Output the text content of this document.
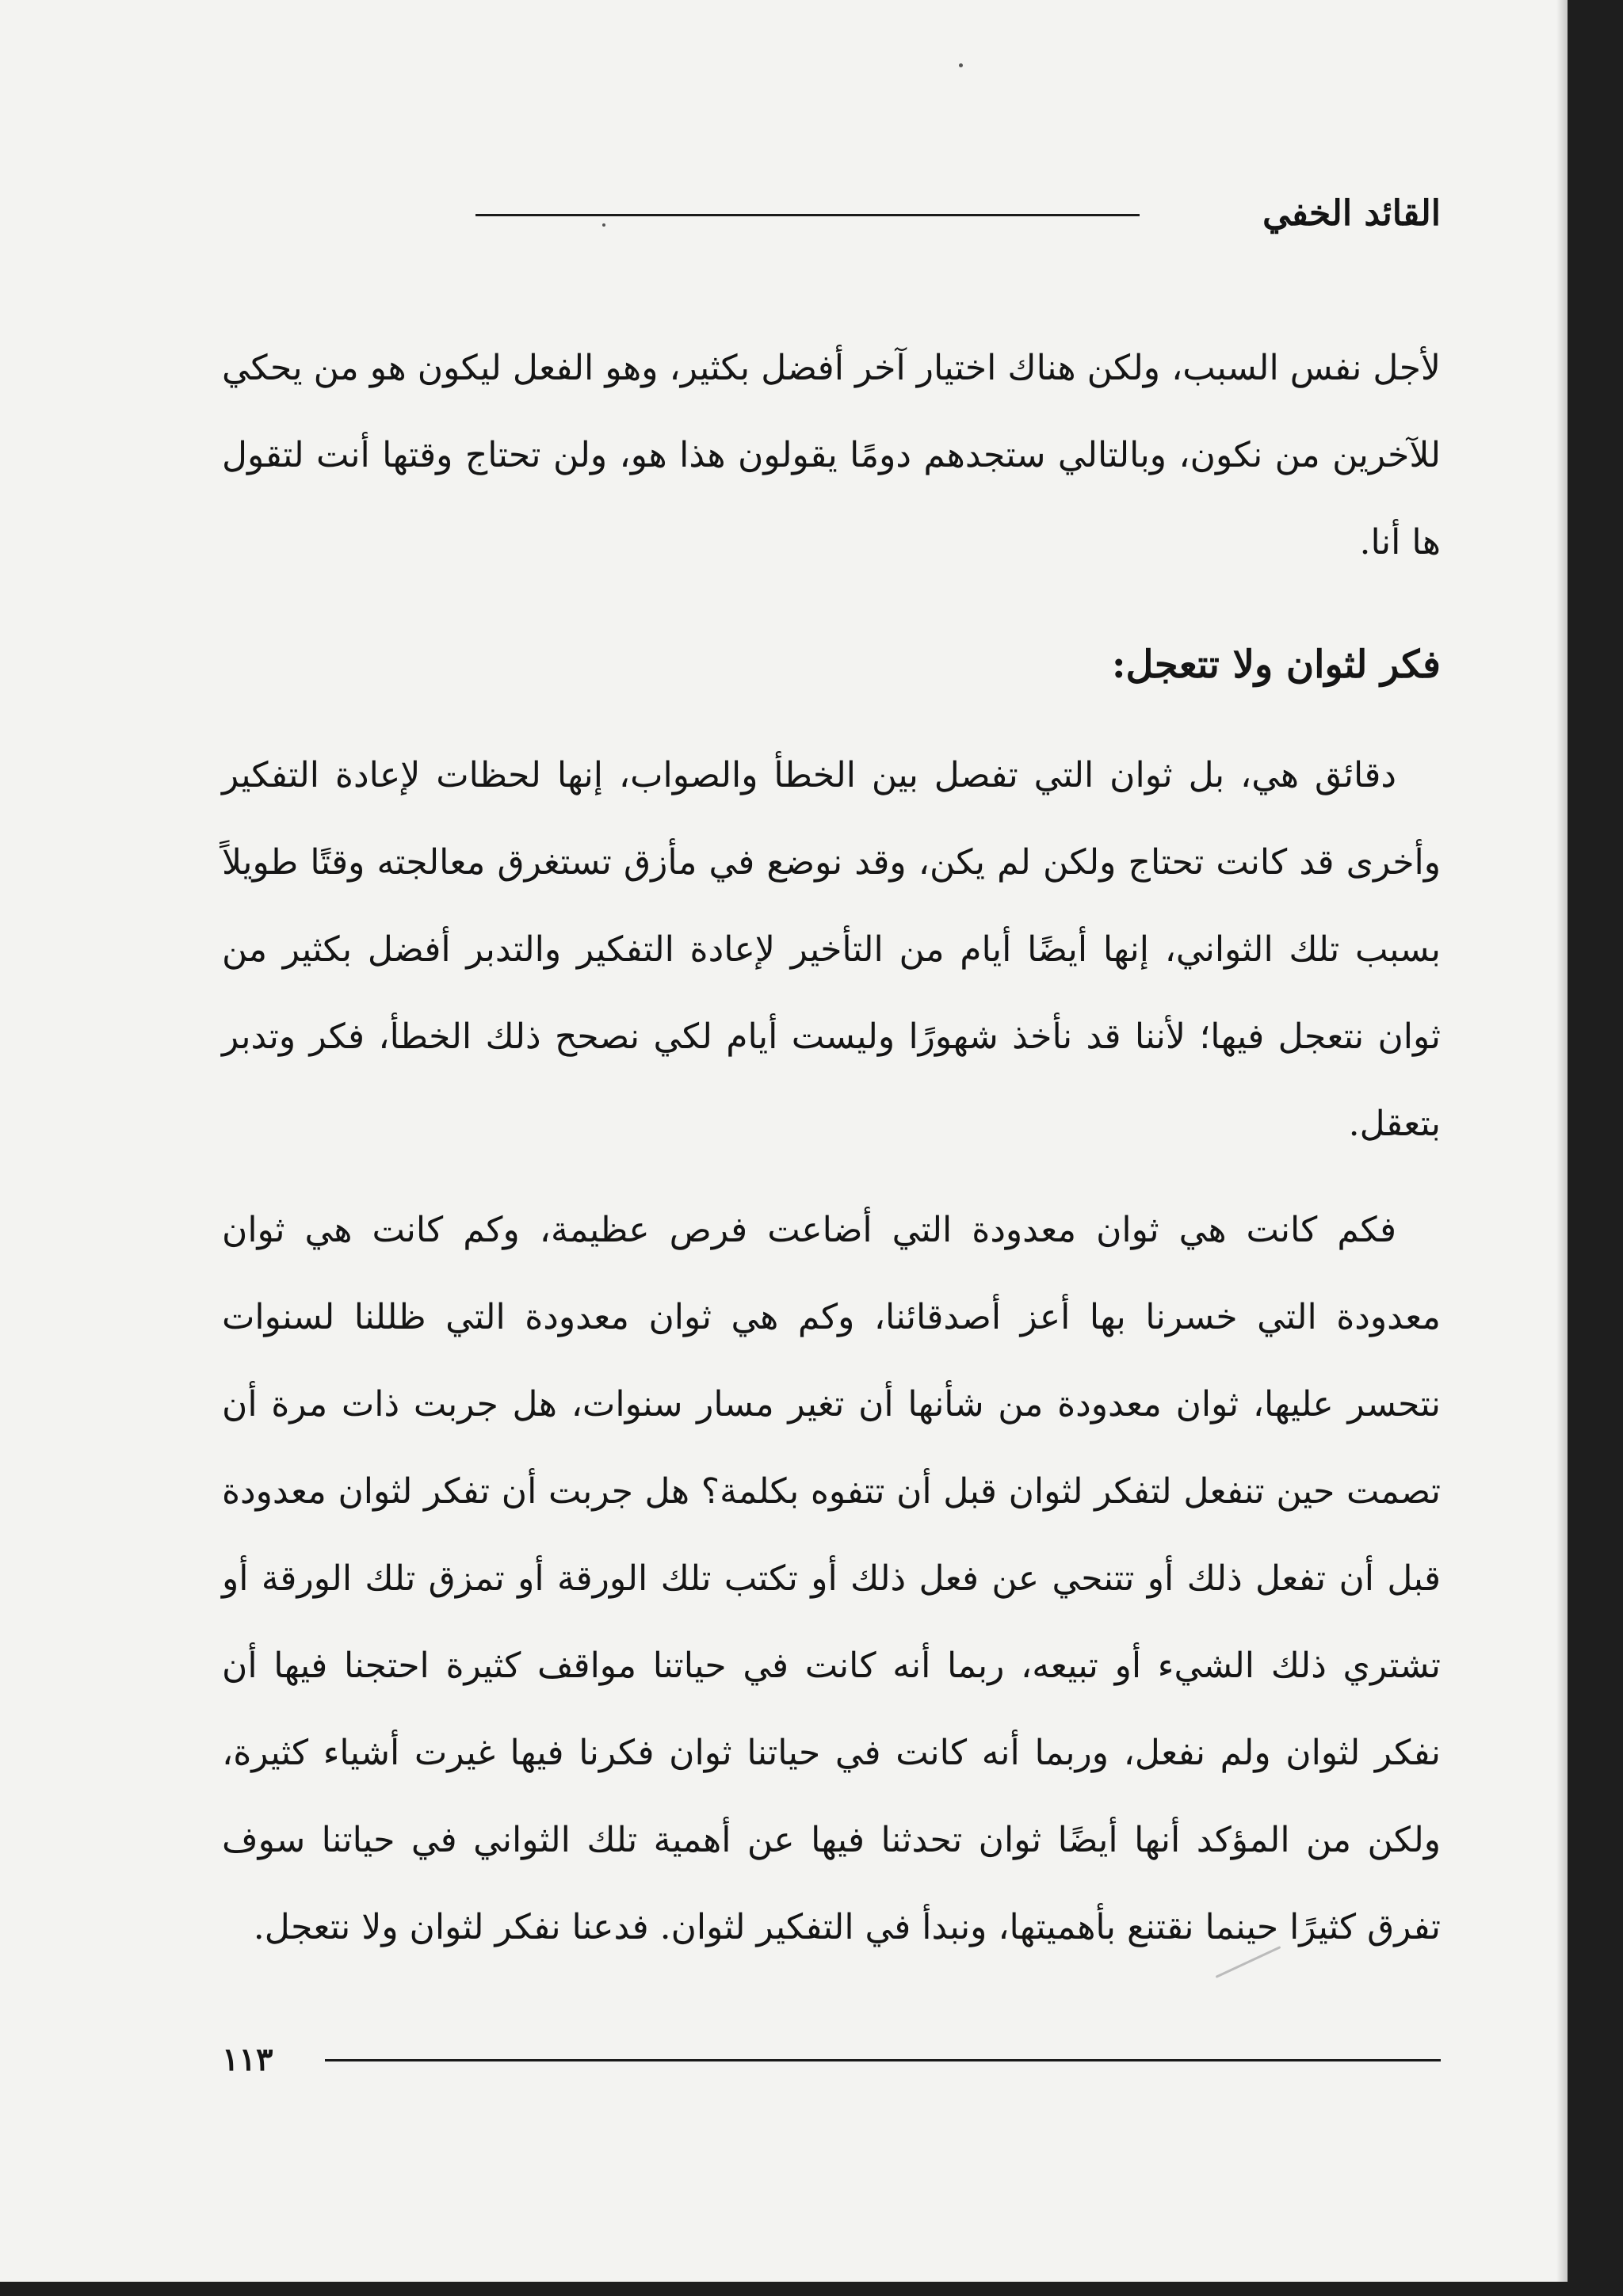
القائد الخفي

لأجل نفس السبب، ولكن هناك اختيار آخر أفضل بكثير، وهو الفعل ليكون هو من يحكي للآخرين من نكون، وبالتالي ستجدهم دومًا يقولون هذا هو، ولن تحتاج وقتها أنت لتقول ها أنا.

فكر لثوان ولا تتعجل:

دقائق هي، بل ثوان التي تفصل بين الخطأ والصواب، إنها لحظات لإعادة التفكير وأخرى قد كانت تحتاج ولكن لم يكن، وقد نوضع في مأزق تستغرق معالجته وقتًا طويلاً بسبب تلك الثواني، إنها أيضًا أيام من التأخير لإعادة التفكير والتدبر أفضل بكثير من ثوان نتعجل فيها؛ لأننا قد نأخذ شهورًا وليست أيام لكي نصحح ذلك الخطأ، فكر وتدبر بتعقل.

فكم كانت هي ثوان معدودة التي أضاعت فرص عظيمة، وكم كانت هي ثوان معدودة التي خسرنا بها أعز أصدقائنا، وكم هي ثوان معدودة التي ظللنا لسنوات نتحسر عليها، ثوان معدودة من شأنها أن تغير مسار سنوات، هل جربت ذات مرة أن تصمت حين تنفعل لتفكر لثوان قبل أن تتفوه بكلمة؟ هل جربت أن تفكر لثوان معدودة قبل أن تفعل ذلك أو تتنحي عن فعل ذلك أو تكتب تلك الورقة أو تمزق تلك الورقة أو تشتري ذلك الشيء أو تبيعه، ربما أنه كانت في حياتنا مواقف كثيرة احتجنا فيها أن نفكر لثوان ولم نفعل، وربما أنه كانت في حياتنا ثوان فكرنا فيها غيرت أشياء كثيرة، ولكن من المؤكد أنها أيضًا ثوان تحدثنا فيها عن أهمية تلك الثواني في حياتنا سوف تفرق كثيرًا حينما نقتنع بأهميتها، ونبدأ في التفكير لثوان. فدعنا نفكر لثوان ولا نتعجل.

١١٣
